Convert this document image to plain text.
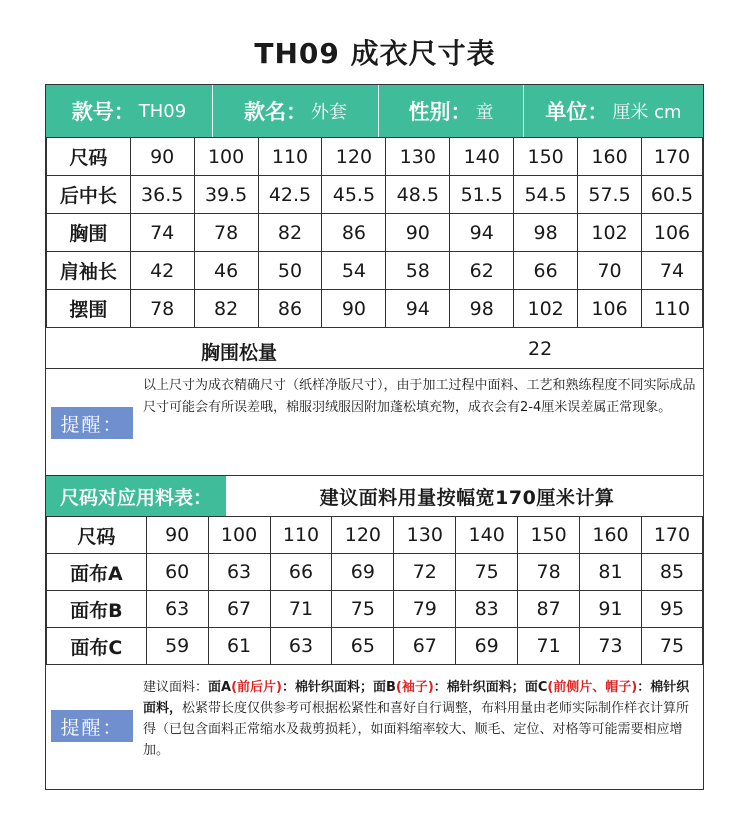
TH09 成衣尺寸表
款号： TH09	款名： 外套	性别： 童 单位： 厘米 cm
尺码	90	100	110	120	130	140	150	160	170
后中长	36.5	39.5	42.5	45.5	48.5	51.5	54.5	57.5	60.5
胸围	74	78	82	86	90	94	98	102	106
肩袖长	42	46	50	54	58	62	66	70	74
摆围	78	82	86	90	94	98	102	106	110
胸围松量	22
提醒：
以上尺寸为成衣精确尺寸（纸样净版尺寸），由于加工过程中面料、工艺和熟练程度不同实际成品尺寸可能会有所误差哦，棉服羽绒服因附加蓬松填充物，成衣会有2-4厘米误差属正常现象。
尺码对应用料表：	建议面料用量按幅宽170厘米计算
尺码	90	100	110	120	130	140	150	160	170
面布A	60	63	66	69	72	75	78	81	85
面布B	63	67	71	75	79	83	87	91	95
面布C	59	61	63	65	67	69	71	73	75
提醒：
建议面料：面A(前后片)：棉针织面料；面B(袖子)：棉针织面料；面C(前侧片、帽子)：棉针织面料，松紧带长度仅供参考可根据松紧性和喜好自行调整，布料用量由老师实际制作样衣计算所得（已包含面料正常缩水及裁剪损耗），如面料缩率较大、顺毛、定位、对格等可能需要相应增加。
